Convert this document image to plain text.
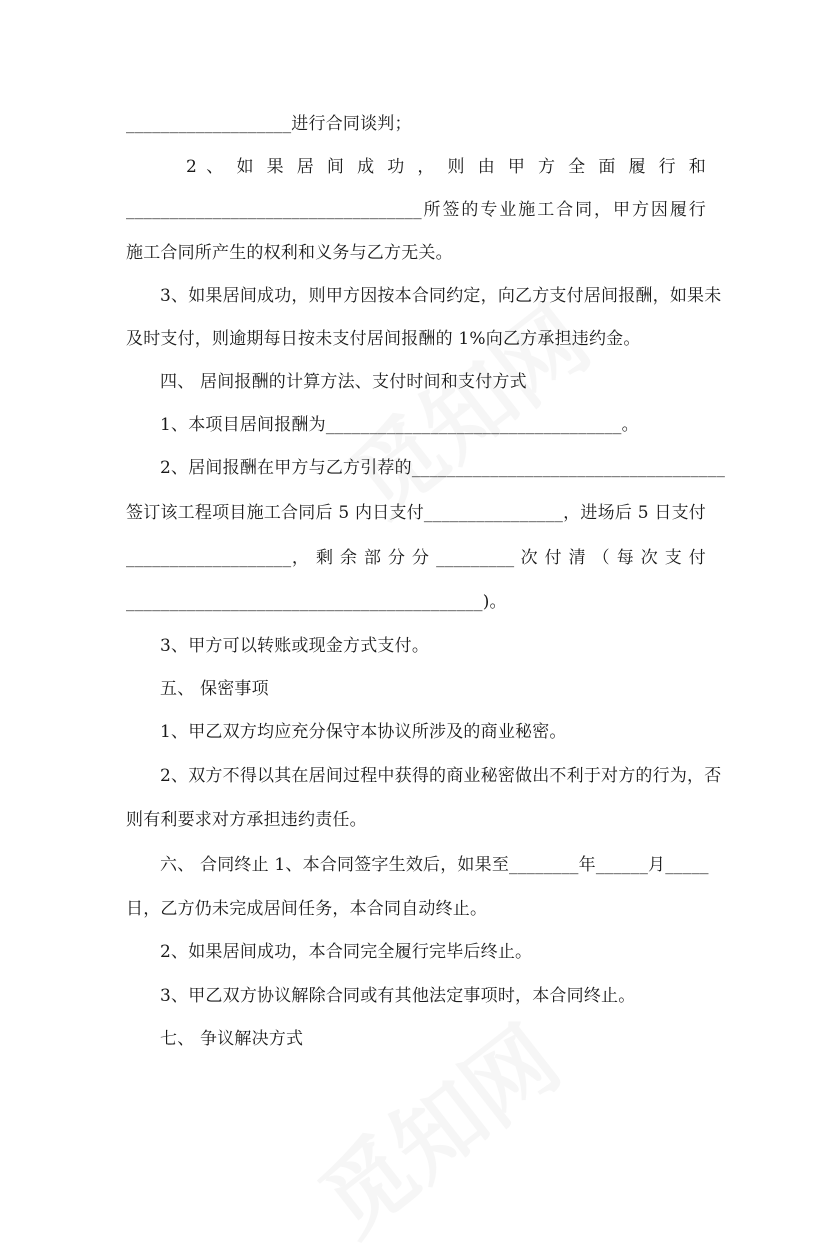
___________________进行合同谈判；
2 、 如 果 居 间 成 功 ， 则 由 甲 方 全 面 履 行 和
__________________________________所签的专业施工合同，甲方因履行
施工合同所产生的权利和义务与乙方无关。
3、如果居间成功，则甲方因按本合同约定，向乙方支付居间报酬，如果未
及时支付，则逾期每日按未支付居间报酬的 1%向乙方承担违约金。
四、 居间报酬的计算方法、支付时间和支付方式
1、本项目居间报酬为__________________________________。
2、居间报酬在甲方与乙方引荐的____________________________________
签订该工程项目施工合同后 5 内日支付________________，进场后 5 日支付
___________________， 剩 余 部 分 分 _________ 次 付 清 （ 每 次 支 付
_________________________________________)。
3、甲方可以转账或现金方式支付。
五、 保密事项
1、甲乙双方均应充分保守本协议所涉及的商业秘密。
2、双方不得以其在居间过程中获得的商业秘密做出不利于对方的行为，否
则有利要求对方承担违约责任。
六、 合同终止 1、本合同签字生效后，如果至________年______月_____
日，乙方仍未完成居间任务，本合同自动终止。
2、如果居间成功，本合同完全履行完毕后终止。
3、甲乙双方协议解除合同或有其他法定事项时，本合同终止。
七、 争议解决方式
